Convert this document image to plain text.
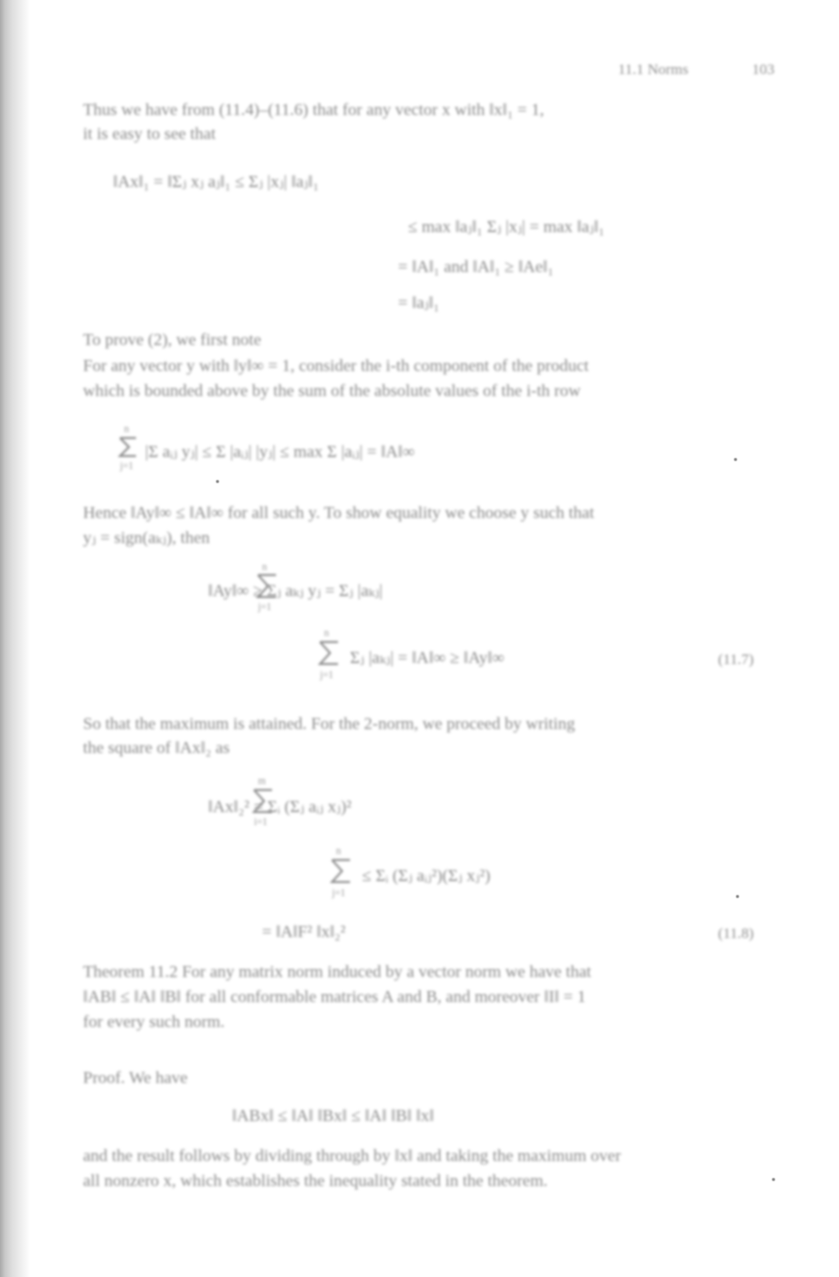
11.1 Norms	103
Thus we have from (11.4)–(11.6) that for any vector x with ‖x‖₁ = 1,
it is easy to see that
‖Ax‖₁ = ‖Σⱼ xⱼ aⱼ‖₁ ≤ Σⱼ |xⱼ| ‖aⱼ‖₁
≤ max ‖aⱼ‖₁ Σⱼ |xⱼ| = max ‖aⱼ‖₁
= ‖A‖₁ and ‖A‖₁ ≥ ‖Ae‖₁
= ‖aⱼ‖₁
To prove (2), we first note
For any vector y with ‖y‖∞ = 1, consider the i-th component of the product
which is bounded above by the sum of the absolute values of the i-th row
n
j=1
|Σ aᵢⱼ yⱼ| ≤ Σ |aᵢⱼ| |yⱼ| ≤ max Σ |aᵢⱼ| = ‖A‖∞
Hence ‖Ay‖∞ ≤ ‖A‖∞ for all such y. To show equality we choose y such that
yⱼ = sign(aₖⱼ), then
n
j=1
‖Ay‖∞ ≥ Σⱼ aₖⱼ yⱼ = Σⱼ |aₖⱼ|
n
j=1
Σⱼ |aₖⱼ| = ‖A‖∞ ≥ ‖Ay‖∞	(11.7)
So that the maximum is attained. For the 2-norm, we proceed by writing
the square of ‖Ax‖₂ as
m
i=1
‖Ax‖₂² = Σᵢ (Σⱼ aᵢⱼ xⱼ)²
n
j=1
≤ Σᵢ (Σⱼ aᵢⱼ²)(Σⱼ xⱼ²)
= ‖A‖F² ‖x‖₂²	(11.8)
Theorem 11.2 For any matrix norm induced by a vector norm we have that
‖AB‖ ≤ ‖A‖ ‖B‖ for all conformable matrices A and B, and moreover ‖I‖ = 1
for every such norm.
Proof. We have
‖ABx‖ ≤ ‖A‖ ‖Bx‖ ≤ ‖A‖ ‖B‖ ‖x‖
and the result follows by dividing through by ‖x‖ and taking the maximum over
all nonzero x, which establishes the inequality stated in the theorem.
